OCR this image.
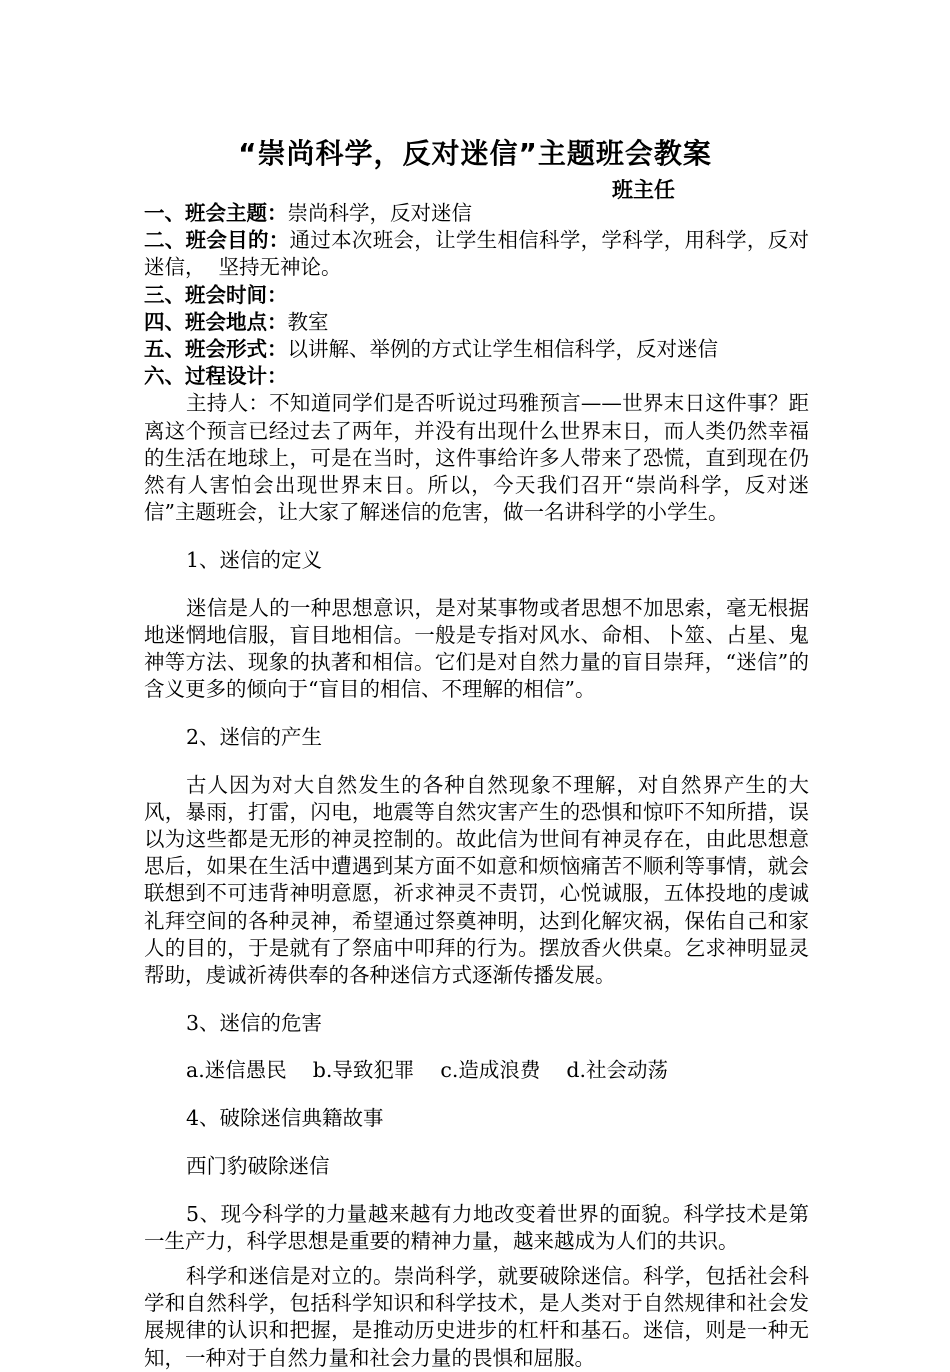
“崇尚科学，反对迷信”主题班会教案
班主任

一、班会主题：崇尚科学，反对迷信

二、班会目的：通过本次班会，让学生相信科学，学科学，用科学，反对迷信，  坚持无神论。

三、班会时间：

四、班会地点：教室

五、班会形式：以讲解、举例的方式让学生相信科学，反对迷信

六、过程设计：

主持人：不知道同学们是否听说过玛雅预言——世界末日这件事？距离这个预言已经过去了两年，并没有出现什么世界末日，而人类仍然幸福的生活在地球上，可是在当时，这件事给许多人带来了恐慌，直到现在仍然有人害怕会出现世界末日。所以，今天我们召开“崇尚科学，反对迷信”主题班会，让大家了解迷信的危害，做一名讲科学的小学生。

1、迷信的定义

迷信是人的一种思想意识，是对某事物或者思想不加思索，毫无根据地迷惘地信服，盲目地相信。一般是专指对风水、命相、卜筮、占星、鬼神等方法、现象的执著和相信。它们是对自然力量的盲目崇拜，“迷信”的含义更多的倾向于“盲目的相信、不理解的相信”。

2、迷信的产生

古人因为对大自然发生的各种自然现象不理解，对自然界产生的大风，暴雨，打雷，闪电，地震等自然灾害产生的恐惧和惊吓不知所措，误以为这些都是无形的神灵控制的。故此信为世间有神灵存在，由此思想意思后，如果在生活中遭遇到某方面不如意和烦恼痛苦不顺利等事情，就会联想到不可违背神明意愿，祈求神灵不责罚，心悦诚服，五体投地的虔诚礼拜空间的各种灵神，希望通过祭奠神明，达到化解灾祸，保佑自己和家人的目的，于是就有了祭庙中叩拜的行为。摆放香火供桌。乞求神明显灵帮助，虔诚祈祷供奉的各种迷信方式逐渐传播发展。

3、迷信的危害

a.迷信愚民 b.导致犯罪 c.造成浪费 d.社会动荡

4、破除迷信典籍故事

西门豹破除迷信

5、现今科学的力量越来越有力地改变着世界的面貌。科学技术是第一生产力，科学思想是重要的精神力量，越来越成为人们的共识。

科学和迷信是对立的。崇尚科学，就要破除迷信。科学，包括社会科学和自然科学，包括科学知识和科学技术，是人类对于自然规律和社会发展规律的认识和把握，是推动历史进步的杠杆和基石。迷信，则是一种无知，一种对于自然力量和社会力量的畏惧和屈服。
